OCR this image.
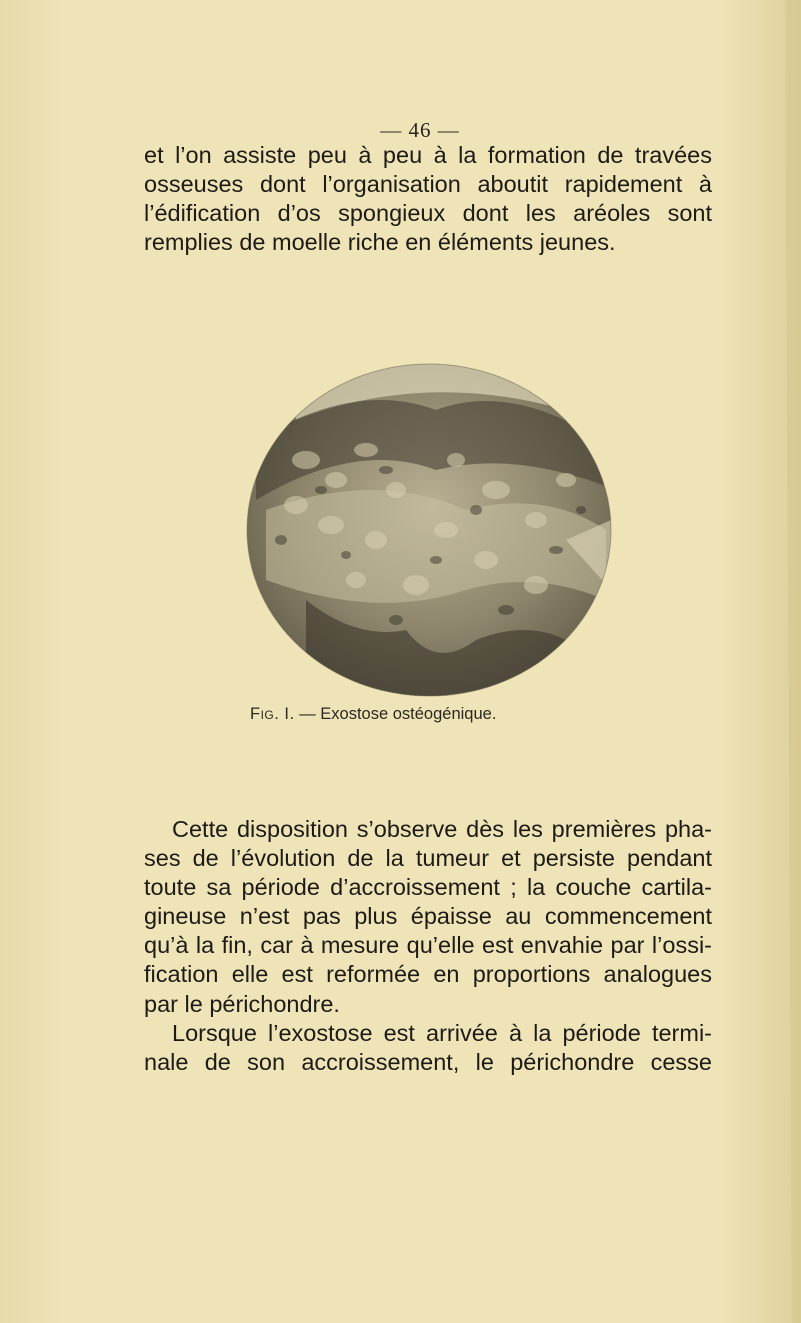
— 46 —
et l’on assiste peu à peu à la formation de travées
osseuses dont l’organisation aboutit rapidement à
l’édification d’os spongieux dont les aréoles sont
remplies de moelle riche en éléments jeunes.
Fig. I. — Exostose ostéogénique.
Cette disposition s’observe dès les premières pha-
ses de l’évolution de la tumeur et persiste pendant
toute sa période d’accroissement ; la couche cartila-
gineuse n’est pas plus épaisse au commencement
qu’à la fin, car à mesure qu’elle est envahie par l’ossi-
fication elle est reformée en proportions analogues
par le périchondre.
Lorsque l’exostose est arrivée à la période termi-
nale de son accroissement, le périchondre cesse
